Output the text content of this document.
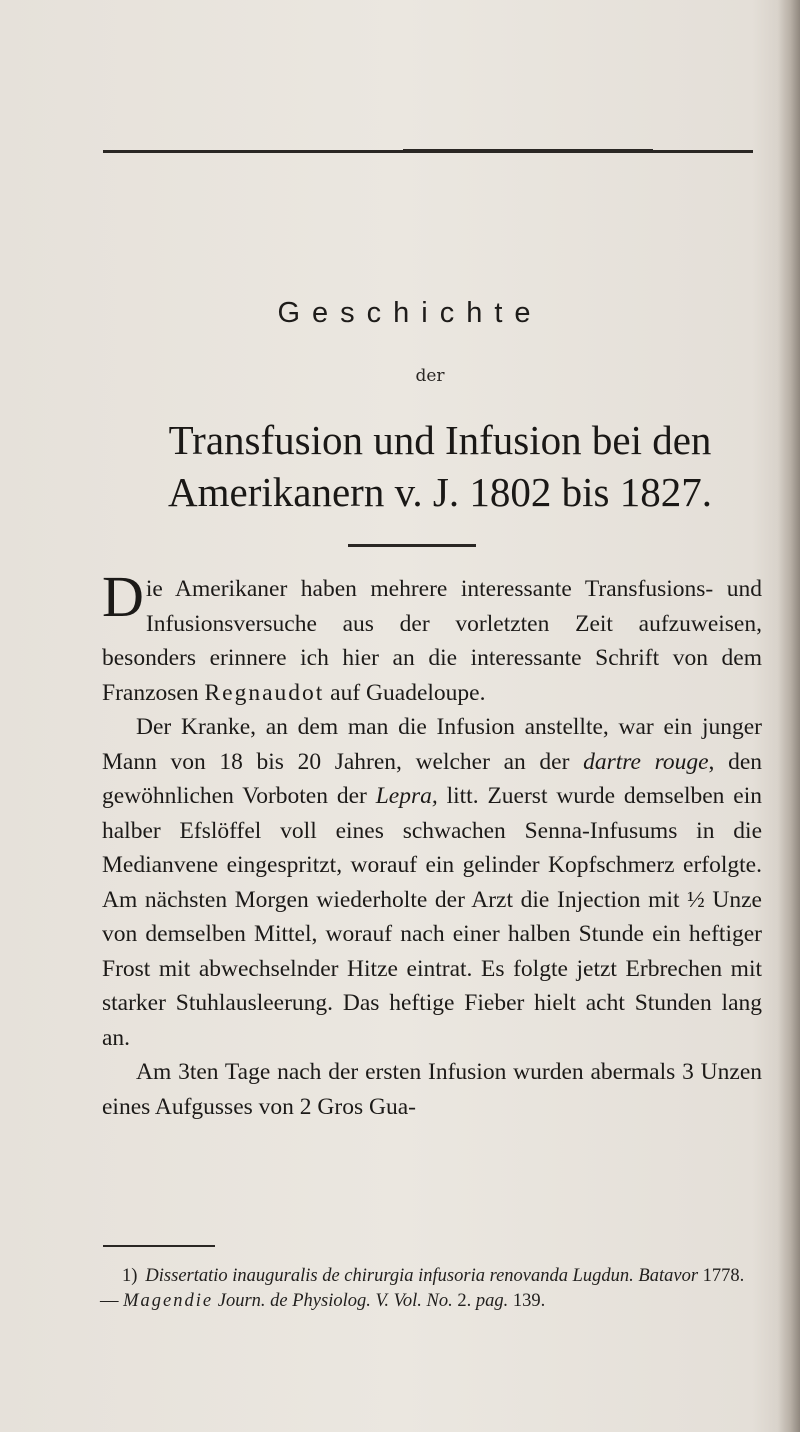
Geschichte
der
Transfusion und Infusion bei den
Amerikanern v. J. 1802 bis 1827.

Die Amerikaner haben mehrere interessante Transfusions- und Infusionsversuche aus der vorletzten Zeit aufzuweisen, besonders erinnere ich hier an die interessante Schrift von dem Franzosen Regnaudot auf Guadeloupe.

Der Kranke, an dem man die Infusion anstellte, war ein junger Mann von 18 bis 20 Jahren, welcher an der dartre rouge, den gewöhnlichen Vorboten der Lepra, litt. Zuerst wurde demselben ein halber Efslöffel voll eines schwachen Senna-Infusums in die Medianvene eingespritzt, worauf ein gelinder Kopfschmerz erfolgte. Am nächsten Morgen wiederholte der Arzt die Injection mit ½ Unze von demselben Mittel, worauf nach einer halben Stunde ein heftiger Frost mit abwechselnder Hitze eintrat. Es folgte jetzt Erbrechen mit starker Stuhlausleerung. Das heftige Fieber hielt acht Stunden lang an.

Am 3ten Tage nach der ersten Infusion wurden abermals 3 Unzen eines Aufgusses von 2 Gros Gua-

1) Dissertatio inauguralis de chirurgia infusoria renovanda Lugdun. Batavor 1778. — Magendie Journ. de Physiolog. V. Vol. No. 2. pag. 139.
